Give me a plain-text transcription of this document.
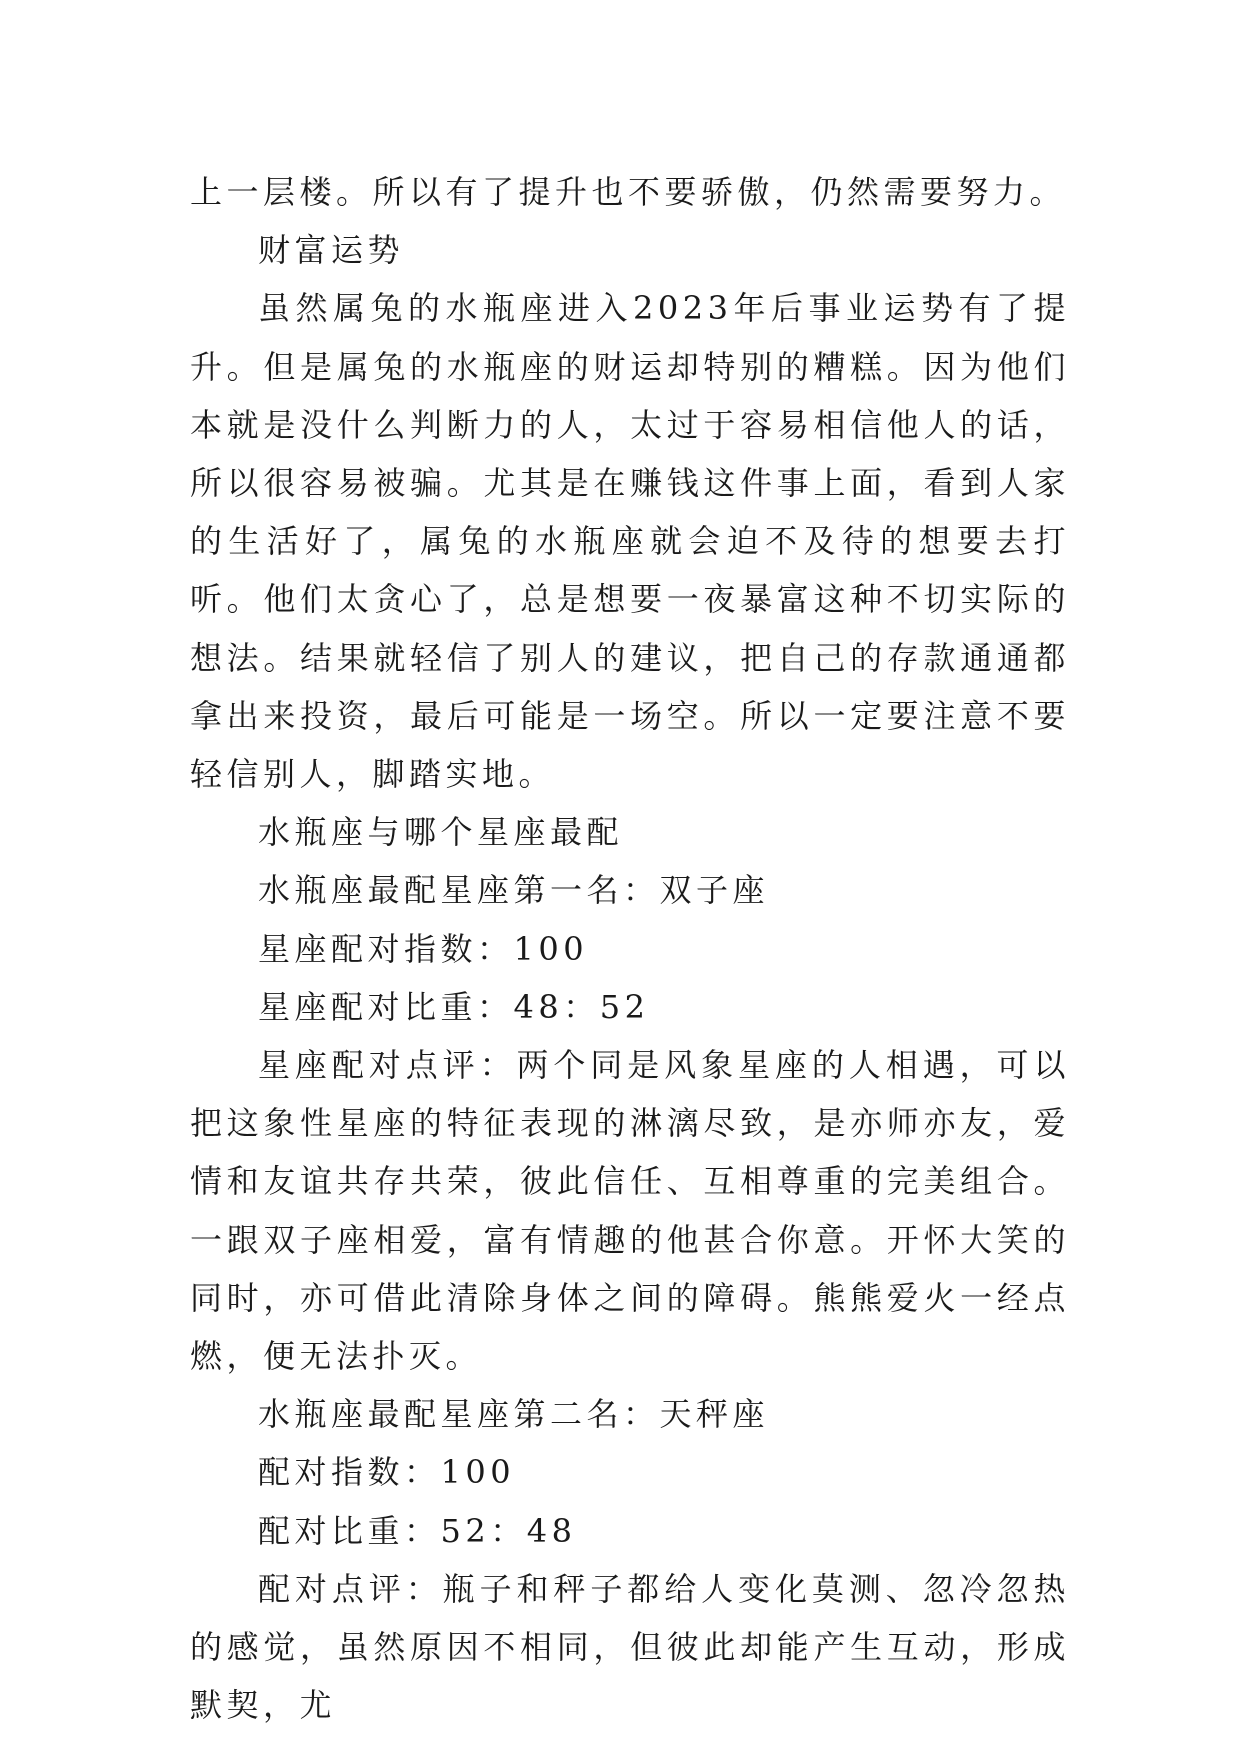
上一层楼。所以有了提升也不要骄傲，仍然需要努力。

财富运势

虽然属兔的水瓶座进入2023年后事业运势有了提升。但是属兔的水瓶座的财运却特别的糟糕。因为他们本就是没什么判断力的人，太过于容易相信他人的话，所以很容易被骗。尤其是在赚钱这件事上面，看到人家的生活好了，属兔的水瓶座就会迫不及待的想要去打听。他们太贪心了，总是想要一夜暴富这种不切实际的想法。结果就轻信了别人的建议，把自己的存款通通都拿出来投资，最后可能是一场空。所以一定要注意不要轻信别人，脚踏实地。

水瓶座与哪个星座最配

水瓶座最配星座第一名：双子座

星座配对指数：100

星座配对比重：48：52

星座配对点评：两个同是风象星座的人相遇，可以把这象性星座的特征表现的淋漓尽致，是亦师亦友，爱情和友谊共存共荣，彼此信任、互相尊重的完美组合。一跟双子座相爱，富有情趣的他甚合你意。开怀大笑的同时，亦可借此清除身体之间的障碍。熊熊爱火一经点燃，便无法扑灭。

水瓶座最配星座第二名：天秤座

配对指数：100

配对比重：52：48

配对点评：瓶子和秤子都给人变化莫测、忽冷忽热的感觉，虽然原因不相同，但彼此却能产生互动，形成默契，尤
